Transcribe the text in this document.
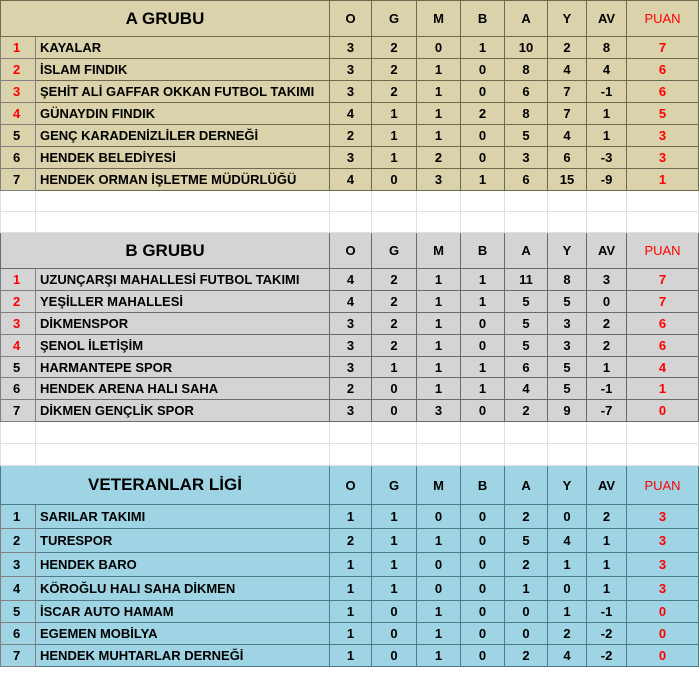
A GRUBU		O	G	M	B	A	Y	AV	PUAN
1	KAYALAR	3	2	0	1	10	2	8	7
2	İSLAM FINDIK	3	2	1	0	8	4	4	6
3	ŞEHİT ALİ GAFFAR OKKAN FUTBOL TAKIMI	3	2	1	0	6	7	-1	6
4	GÜNAYDIN FINDIK	4	1	1	2	8	7	1	5
5	GENÇ KARADENİZLİLER DERNEĞİ	2	1	1	0	5	4	1	3
6	HENDEK BELEDİYESİ	3	1	2	0	3	6	-3	3
7	HENDEK ORMAN İŞLETME MÜDÜRLÜĞÜ	4	0	3	1	6	15	-9	1

B GRUBU		O	G	M	B	A	Y	AV	PUAN
1	UZUNÇARŞI MAHALLESİ FUTBOL TAKIMI	4	2	1	1	11	8	3	7
2	YEŞİLLER MAHALLESİ	4	2	1	1	5	5	0	7
3	DİKMENSPOR	3	2	1	0	5	3	2	6
4	ŞENOL İLETİŞİM	3	2	1	0	5	3	2	6
5	HARMANTEPE SPOR	3	1	1	1	6	5	1	4
6	HENDEK ARENA HALI SAHA	2	0	1	1	4	5	-1	1
7	DİKMEN GENÇLİK SPOR	3	0	3	0	2	9	-7	0

VETERANLAR LİGİ		O	G	M	B	A	Y	AV	PUAN
1	SARILAR TAKIMI	1	1	0	0	2	0	2	3
2	TURESPOR	2	1	1	0	5	4	1	3
3	HENDEK BARO	1	1	0	0	2	1	1	3
4	KÖROĞLU HALI SAHA DİKMEN	1	1	0	0	1	0	1	3
5	İSCAR AUTO HAMAM	1	0	1	0	0	1	-1	0
6	EGEMEN MOBİLYA	1	0	1	0	0	2	-2	0
7	HENDEK MUHTARLAR DERNEĞİ	1	0	1	0	2	4	-2	0
